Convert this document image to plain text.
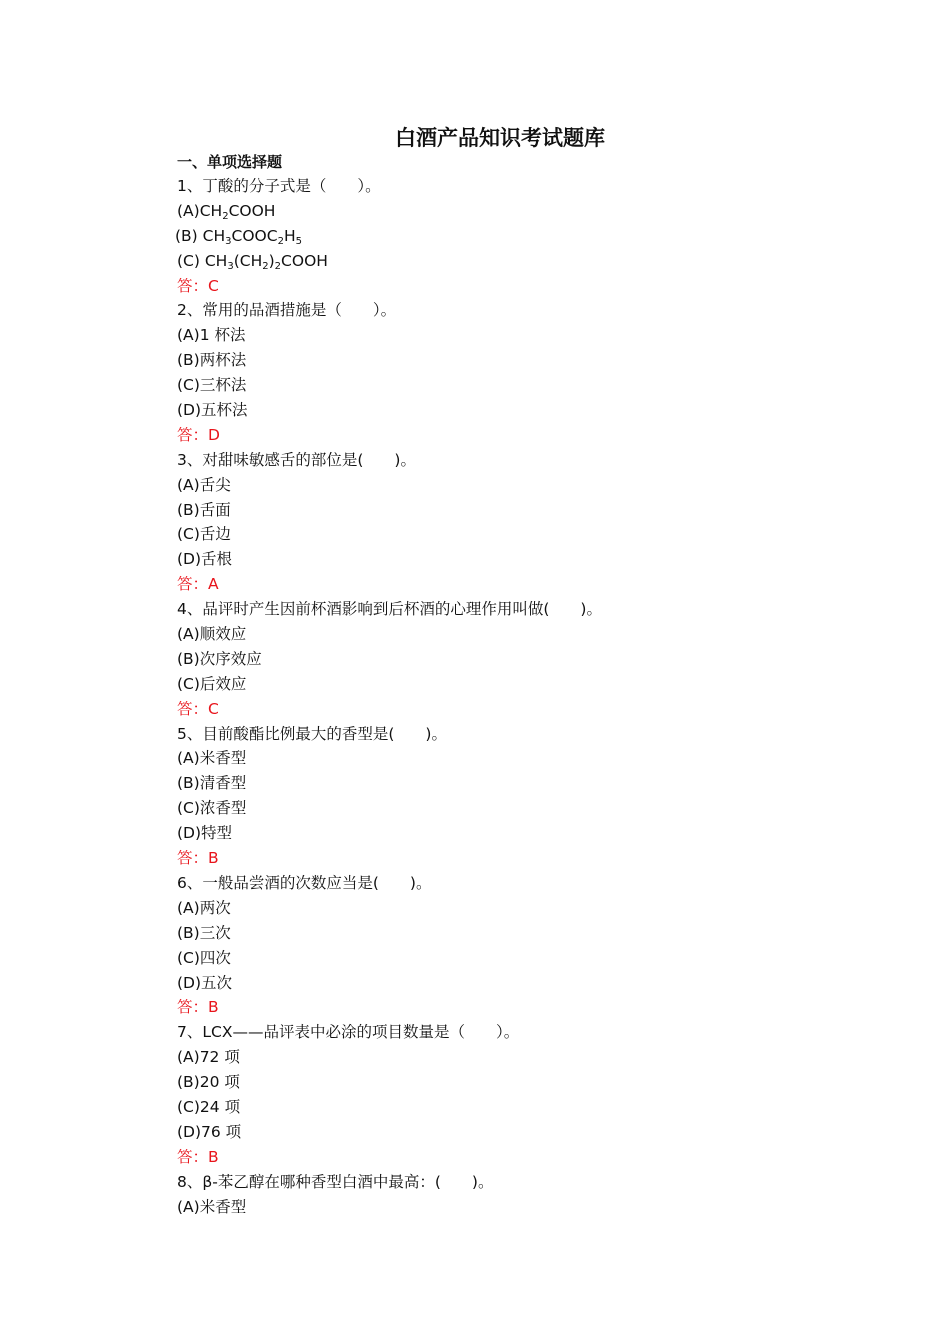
白酒产品知识考试题库
一、单项选择题
1、丁酸的分子式是（　　）。
$(A)CH_2COOH$
(B) $CH_3COOC_2H_5$
(C) $CH_3(CH_2)_2COOH$
答：C
2、常用的品酒措施是（　　）。
(A)1 杯法
(B)两杯法
(C)三杯法
(D)五杯法
答：D
3、对甜味敏感舌的部位是(　　)。
(A)舌尖
(B)舌面
(C)舌边
(D)舌根
答：A
4、品评时产生因前杯酒影响到后杯酒的心理作用叫做(　　)。
(A)顺效应
(B)次序效应
(C)后效应
答：C
5、目前酸酯比例最大的香型是(　　)。
(A)米香型
(B)清香型
(C)浓香型
(D)特型
答：B
6、一般品尝酒的次数应当是(　　)。
(A)两次
(B)三次
(C)四次
(D)五次
答：B
7、LCX——品评表中必涂的项目数量是（　　）。
(A)72 项
(B)20 项
(C)24 项
(D)76 项
答：B
8、β-苯乙醇在哪种香型白酒中最高：(　　)。
(A)米香型
